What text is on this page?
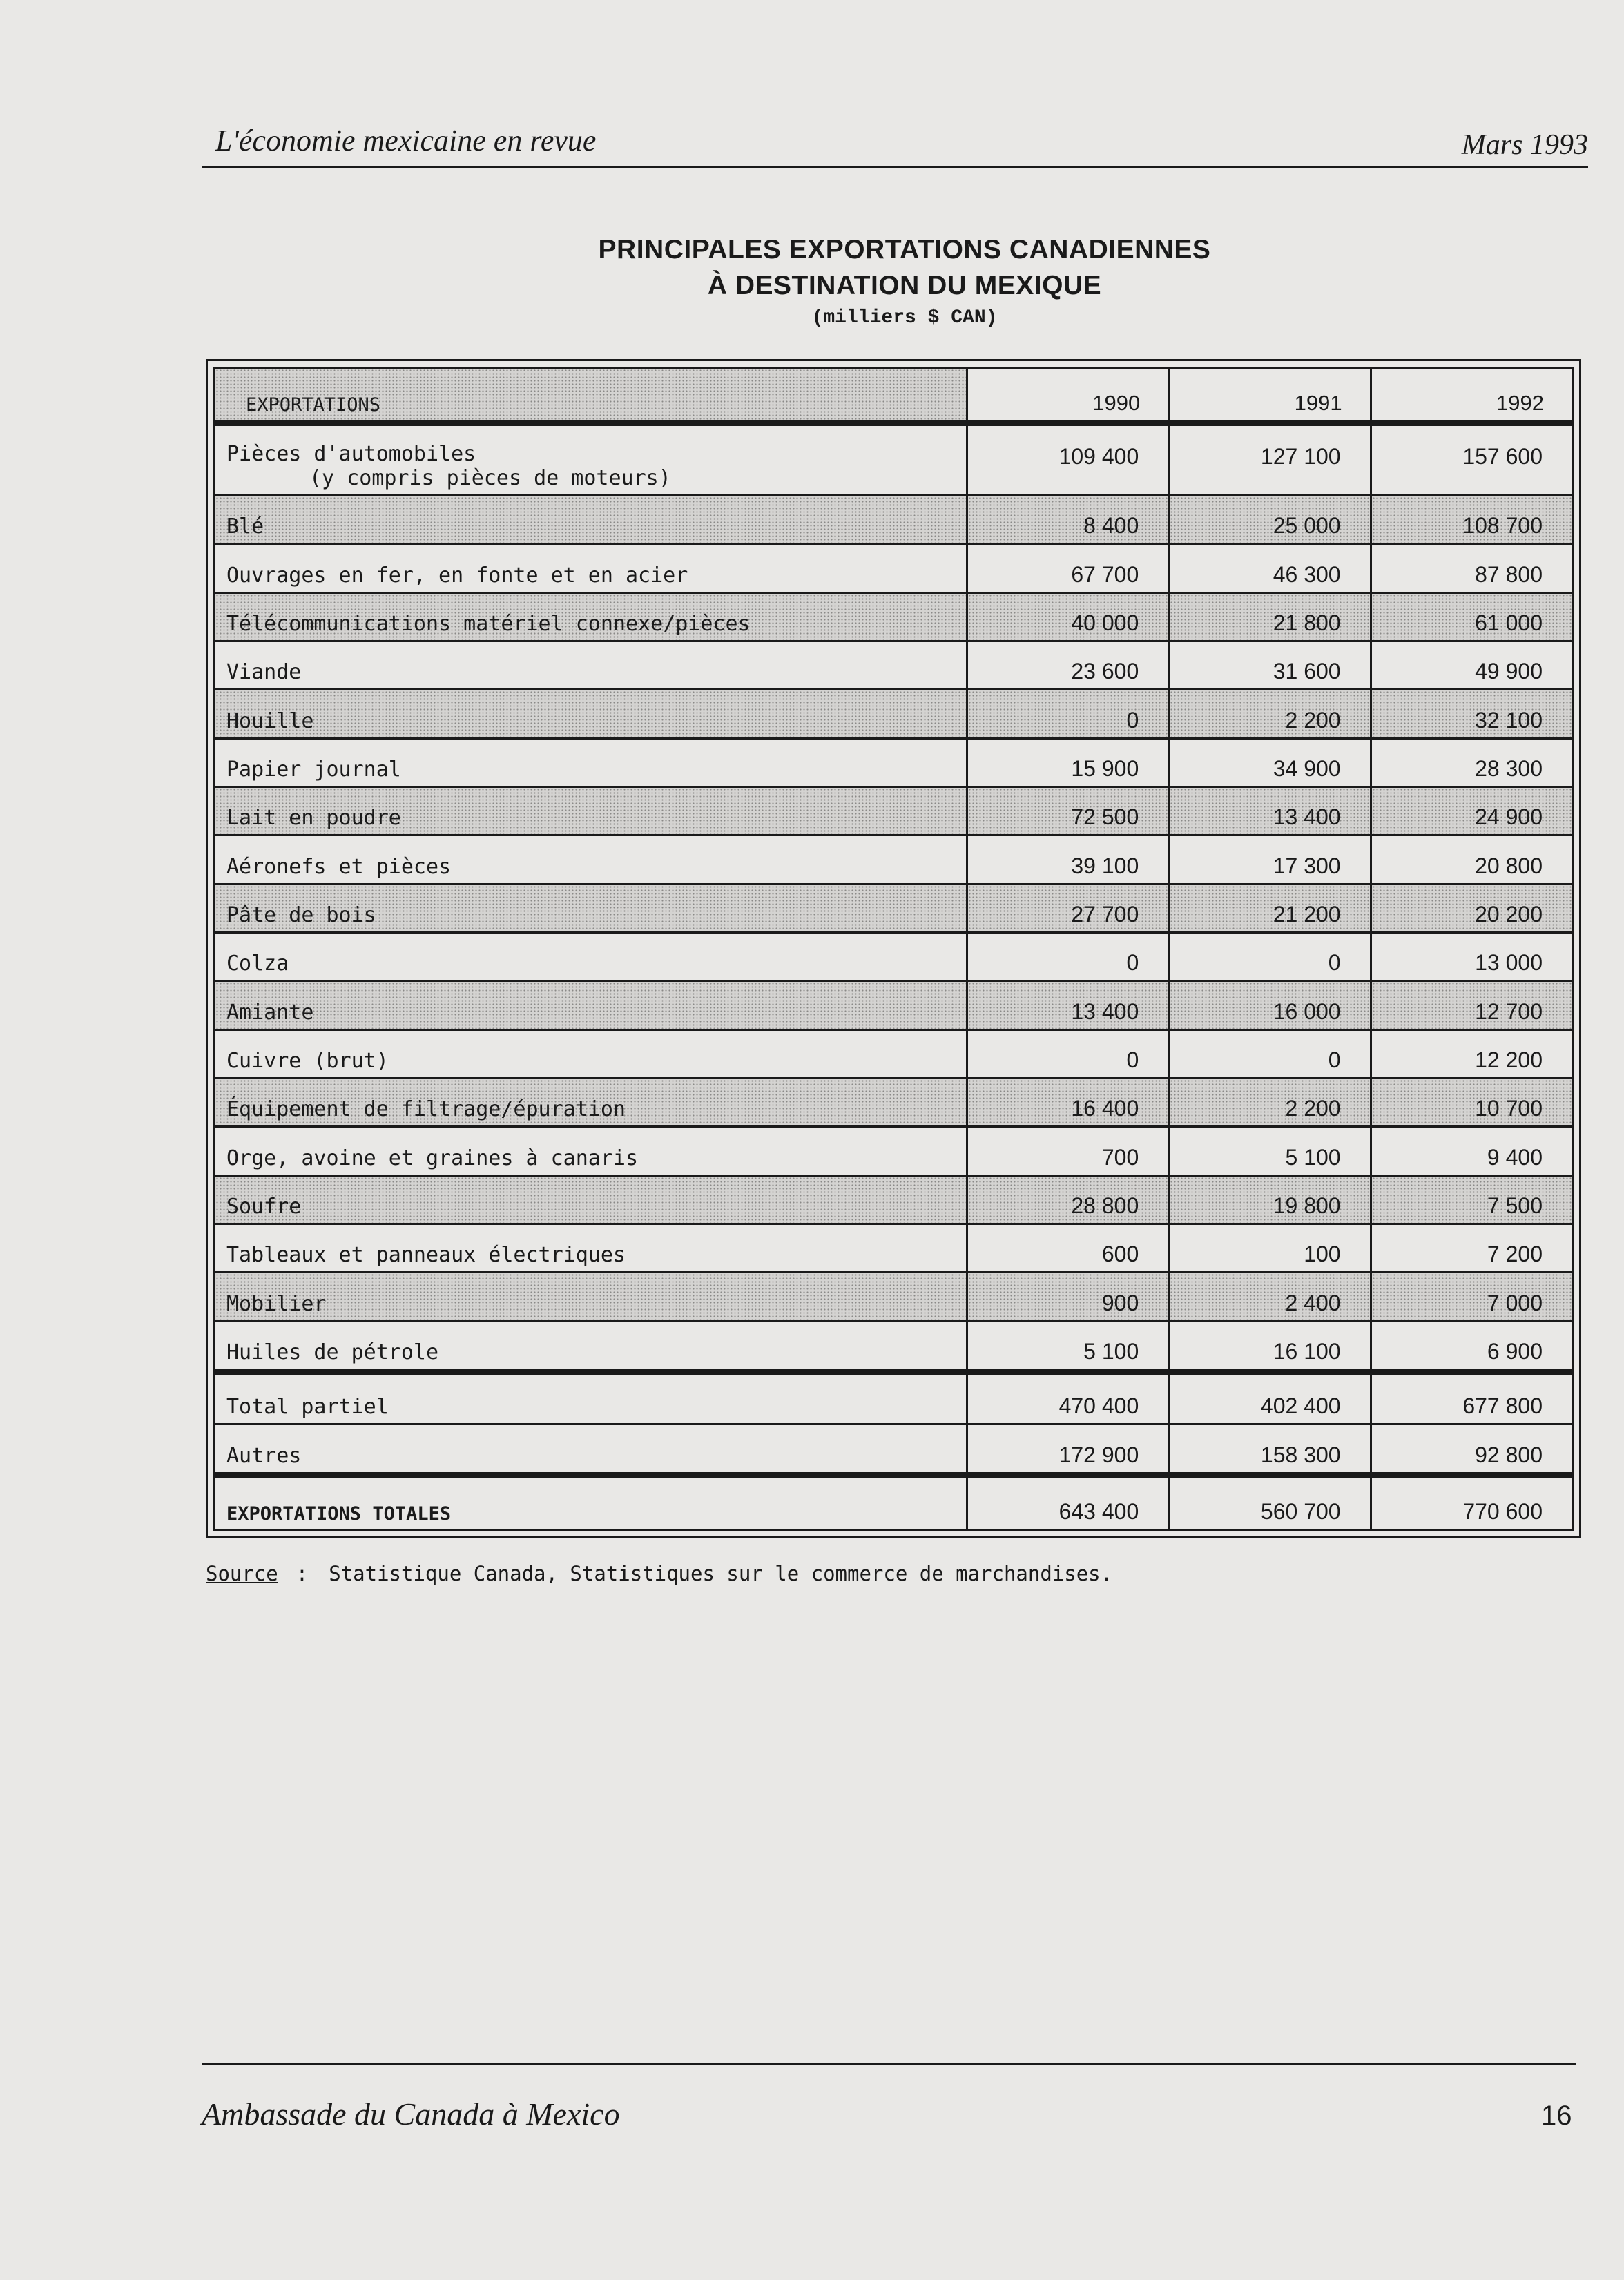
L'économie mexicaine en revue	Mars 1993
PRINCIPALES EXPORTATIONS CANADIENNES
À DESTINATION DU MEXIQUE
(milliers $ CAN)
EXPORTATIONS	1990	1991	1992
Pièces d'automobiles
(y compris pièces de moteurs)	109 400	127 100	157 600
Blé	8 400	25 000	108 700
Ouvrages en fer, en fonte et en acier	67 700	46 300	87 800
Télécommunications matériel connexe/pièces	40 000	21 800	61 000
Viande	23 600	31 600	49 900
Houille	0	2 200	32 100
Papier journal	15 900	34 900	28 300
Lait en poudre	72 500	13 400	24 900
Aéronefs et pièces	39 100	17 300	20 800
Pâte de bois	27 700	21 200	20 200
Colza	0	0	13 000
Amiante	13 400	16 000	12 700
Cuivre (brut)	0	0	12 200
Équipement de filtrage/épuration	16 400	2 200	10 700
Orge, avoine et graines à canaris	700	5 100	9 400
Soufre	28 800	19 800	7 500
Tableaux et panneaux électriques	600	100	7 200
Mobilier	900	2 400	7 000
Huiles de pétrole	5 100	16 100	6 900
Total partiel	470 400	402 400	677 800
Autres	172 900	158 300	92 800
EXPORTATIONS TOTALES	643 400	560 700	770 600
Source : Statistique Canada, Statistiques sur le commerce de marchandises.
Ambassade du Canada à Mexico	16
